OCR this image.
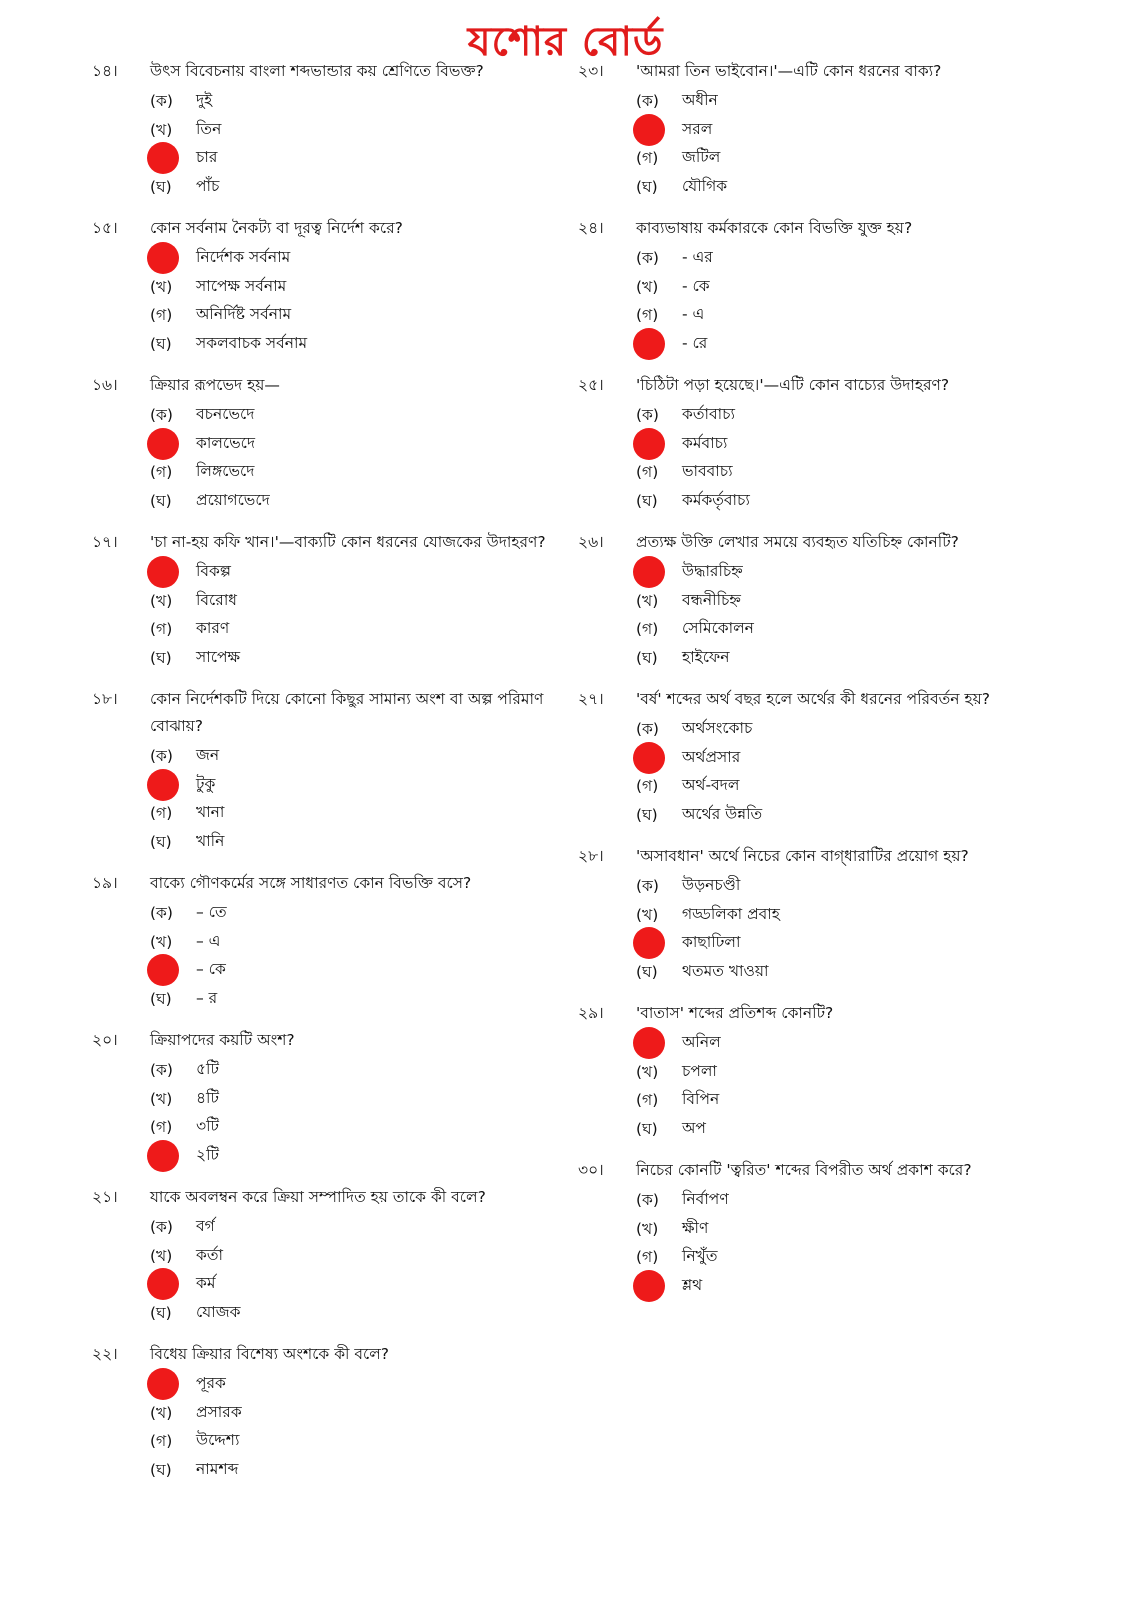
যশোর বোর্ড
১৪।	উৎস বিবেচনায় বাংলা শব্দভান্ডার কয় শ্রেণিতে বিভক্ত?
(ক)	দুই
(খ)	তিন
চার
(ঘ)	পাঁচ
১৫।	কোন সর্বনাম নৈকট্য বা দূরত্ব নির্দেশ করে?
নির্দেশক সর্বনাম
(খ)	সাপেক্ষ সর্বনাম
(গ)	অনির্দিষ্ট সর্বনাম
(ঘ)	সকলবাচক সর্বনাম
১৬।	ক্রিয়ার রূপভেদ হয়—
(ক)	বচনভেদে
কালভেদে
(গ)	লিঙ্গভেদে
(ঘ)	প্রয়োগভেদে
১৭।	'চা না-হয় কফি খান।'—বাক্যটি কোন ধরনের যোজকের উদাহরণ?
বিকল্প
(খ)	বিরোধ
(গ)	কারণ
(ঘ)	সাপেক্ষ
১৮।	কোন নির্দেশকটি দিয়ে কোনো কিছুর সামান্য অংশ বা অল্প পরিমাণ বোঝায়?
(ক)	জন
টুকু
(গ)	খানা
(ঘ)	খানি
১৯।	বাক্যে গৌণকর্মের সঙ্গে সাধারণত কোন বিভক্তি বসে?
(ক)	– তে
(খ)	– এ
– কে
(ঘ)	– র
২০।	ক্রিয়াপদের কয়টি অংশ?
(ক)	৫টি
(খ)	৪টি
(গ)	৩টি
২টি
২১।	যাকে অবলম্বন করে ক্রিয়া সম্পাদিত হয় তাকে কী বলে?
(ক)	বর্গ
(খ)	কর্তা
কর্ম
(ঘ)	যোজক
২২।	বিধেয় ক্রিয়ার বিশেষ্য অংশকে কী বলে?
পূরক
(খ)	প্রসারক
(গ)	উদ্দেশ্য
(ঘ)	নামশব্দ
২৩।	'আমরা তিন ভাইবোন।'—এটি কোন ধরনের বাক্য?
(ক)	অধীন
সরল
(গ)	জটিল
(ঘ)	যৌগিক
২৪।	কাব্যভাষায় কর্মকারকে কোন বিভক্তি যুক্ত হয়?
(ক)	- এর
(খ)	- কে
(গ)	- এ
- রে
২৫।	'চিঠিটা পড়া হয়েছে।'—এটি কোন বাচ্যের উদাহরণ?
(ক)	কর্তাবাচ্য
কর্মবাচ্য
(গ)	ভাববাচ্য
(ঘ)	কর্মকর্তৃবাচ্য
২৬।	প্রত্যক্ষ উক্তি লেখার সময়ে ব্যবহৃত যতিচিহ্ন কোনটি?
উদ্ধারচিহ্ন
(খ)	বন্ধনীচিহ্ন
(গ)	সেমিকোলন
(ঘ)	হাইফেন
২৭।	'বর্ষ' শব্দের অর্থ বছর হলে অর্থের কী ধরনের পরিবর্তন হয়?
(ক)	অর্থসংকোচ
অর্থপ্রসার
(গ)	অর্থ-বদল
(ঘ)	অর্থের উন্নতি
২৮।	'অসাবধান' অর্থে নিচের কোন বাগ্‌ধারাটির প্রয়োগ হয়?
(ক)	উড়নচণ্ডী
(খ)	গড্ডলিকা প্রবাহ
কাছাঢিলা
(ঘ)	থতমত খাওয়া
২৯।	'বাতাস' শব্দের প্রতিশব্দ কোনটি?
অনিল
(খ)	চপলা
(গ)	বিপিন
(ঘ)	অপ
৩০।	নিচের কোনটি 'ত্বরিত' শব্দের বিপরীত অর্থ প্রকাশ করে?
(ক)	নির্বাপণ
(খ)	ক্ষীণ
(গ)	নিখুঁত
শ্লথ
